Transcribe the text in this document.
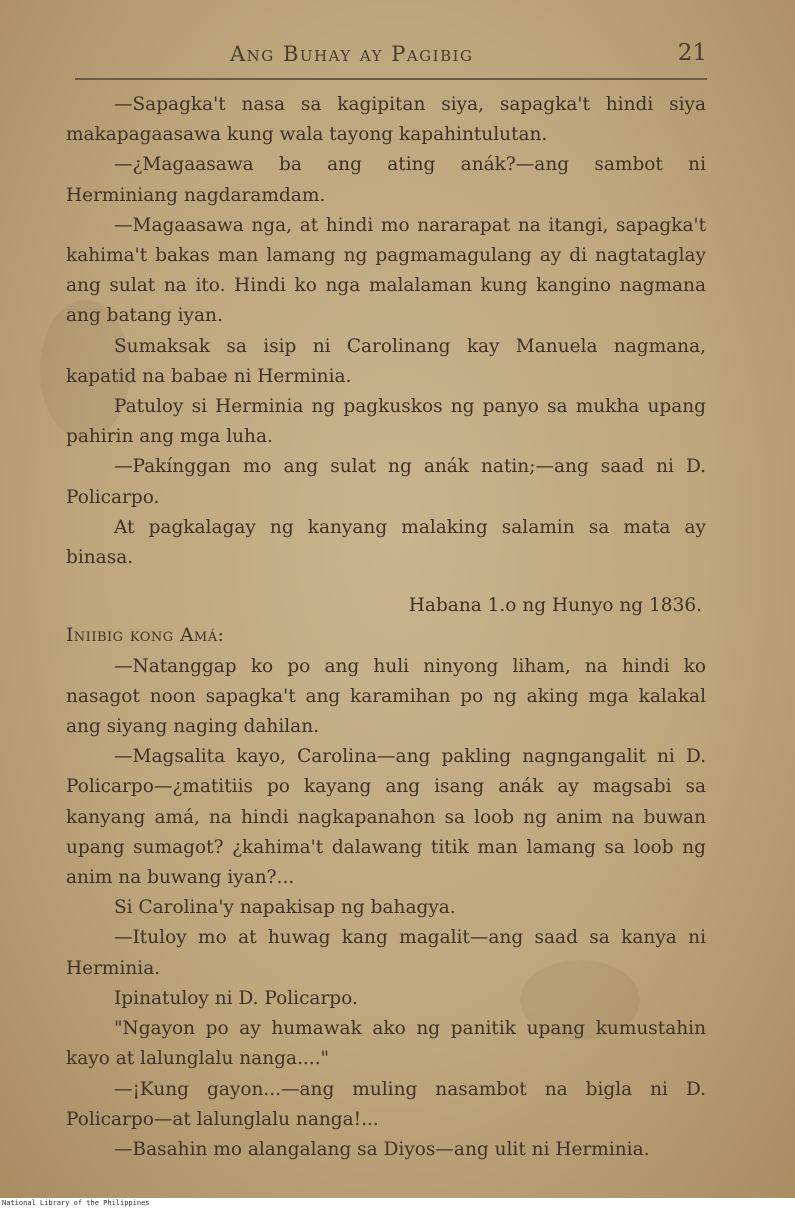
Ang Buhay ay Pagibig	21

—Sapagka't nasa sa kagipitan siya, sapagka't hindi siya makapagaasawa kung wala tayong kapahintulutan.

—¿Magaasawa ba ang ating anák?—ang sambot ni Herminiang nagdaramdam.

—Magaasawa nga, at hindi mo nararapat na itangi, sapagka't kahima't bakas man lamang ng pagmamagulang ay di nagtataglay ang sulat na ito. Hindi ko nga malalaman kung kangino nagmana ang batang iyan.

Sumaksak sa isip ni Carolinang kay Manuela nagmana, kapatid na babae ni Herminia.

Patuloy si Herminia ng pagkuskos ng panyo sa mukha upang pahirin ang mga luha.

—Pakínggan mo ang sulat ng anák natin;—ang saad ni D. Policarpo.

At pagkalagay ng kanyang malaking salamin sa mata ay binasa.

Habana 1.o ng Hunyo ng 1836.

Iniibig kong Amá:

—Natanggap ko po ang huli ninyong liham, na hindi ko nasagot noon sapagka't ang karamihan po ng aking mga kalakal ang siyang naging dahilan.

—Magsalita kayo, Carolina—ang pakling nagngangalit ni D. Policarpo—¿matitiis po kayang ang isang anák ay magsabi sa kanyang amá, na hindi nagkapanahon sa loob ng anim na buwan upang sumagot? ¿kahima't dalawang titik man lamang sa loob ng anim na buwang iyan?...

Si Carolina'y napakisap ng bahagya.

—Ituloy mo at huwag kang magalit—ang saad sa kanya ni Herminia.

Ipinatuloy ni D. Policarpo.

"Ngayon po ay humawak ako ng panitik upang kumustahin kayo at lalunglalu nanga...."

—¡Kung gayon...—ang muling nasambot na bigla ni D. Policarpo—at lalunglalu nanga!...

—Basahin mo alangalang sa Diyos—ang ulit ni Herminia.

National Library of the Philippines
